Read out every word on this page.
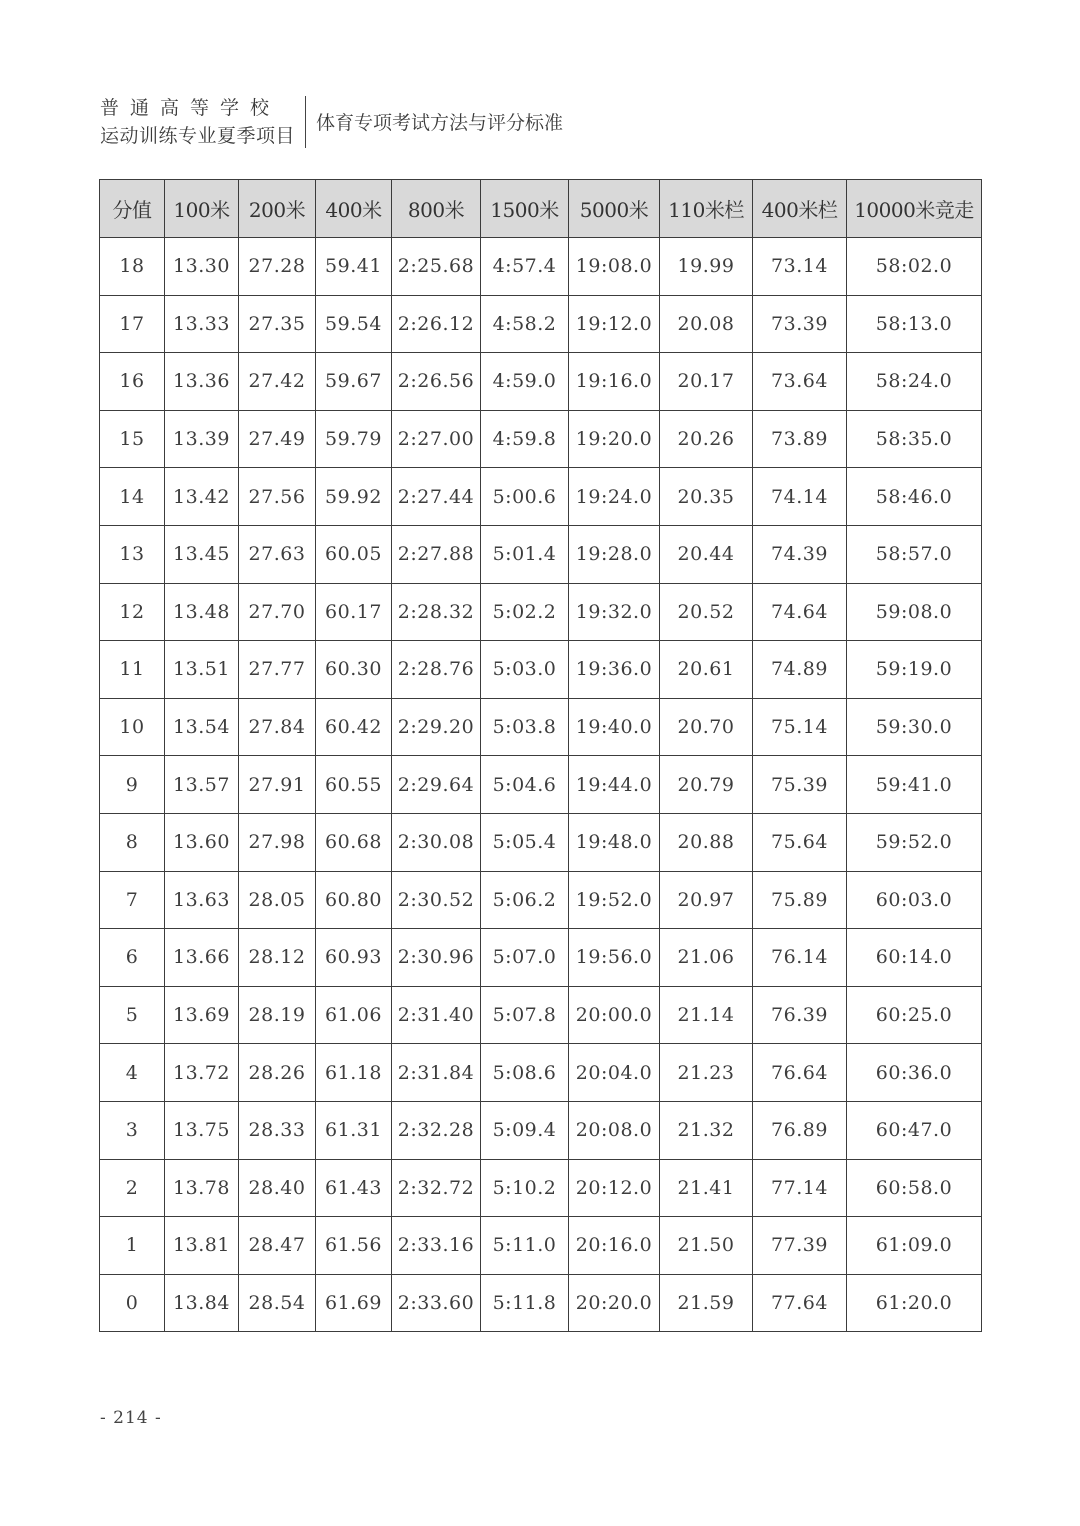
普通高等学校
运动训练专业夏季项目
体育专项考试方法与评分标准
分值	100米	200米	400米	800米	1500米	5000米	110米栏	400米栏	10000米竞走
18	13.30	27.28	59.41	2:25.68	4:57.4	19:08.0	19.99	73.14	58:02.0
17	13.33	27.35	59.54	2:26.12	4:58.2	19:12.0	20.08	73.39	58:13.0
16	13.36	27.42	59.67	2:26.56	4:59.0	19:16.0	20.17	73.64	58:24.0
15	13.39	27.49	59.79	2:27.00	4:59.8	19:20.0	20.26	73.89	58:35.0
14	13.42	27.56	59.92	2:27.44	5:00.6	19:24.0	20.35	74.14	58:46.0
13	13.45	27.63	60.05	2:27.88	5:01.4	19:28.0	20.44	74.39	58:57.0
12	13.48	27.70	60.17	2:28.32	5:02.2	19:32.0	20.52	74.64	59:08.0
11	13.51	27.77	60.30	2:28.76	5:03.0	19:36.0	20.61	74.89	59:19.0
10	13.54	27.84	60.42	2:29.20	5:03.8	19:40.0	20.70	75.14	59:30.0
9	13.57	27.91	60.55	2:29.64	5:04.6	19:44.0	20.79	75.39	59:41.0
8	13.60	27.98	60.68	2:30.08	5:05.4	19:48.0	20.88	75.64	59:52.0
7	13.63	28.05	60.80	2:30.52	5:06.2	19:52.0	20.97	75.89	60:03.0
6	13.66	28.12	60.93	2:30.96	5:07.0	19:56.0	21.06	76.14	60:14.0
5	13.69	28.19	61.06	2:31.40	5:07.8	20:00.0	21.14	76.39	60:25.0
4	13.72	28.26	61.18	2:31.84	5:08.6	20:04.0	21.23	76.64	60:36.0
3	13.75	28.33	61.31	2:32.28	5:09.4	20:08.0	21.32	76.89	60:47.0
2	13.78	28.40	61.43	2:32.72	5:10.2	20:12.0	21.41	77.14	60:58.0
1	13.81	28.47	61.56	2:33.16	5:11.0	20:16.0	21.50	77.39	61:09.0
0	13.84	28.54	61.69	2:33.60	5:11.8	20:20.0	21.59	77.64	61:20.0
- 214 -
